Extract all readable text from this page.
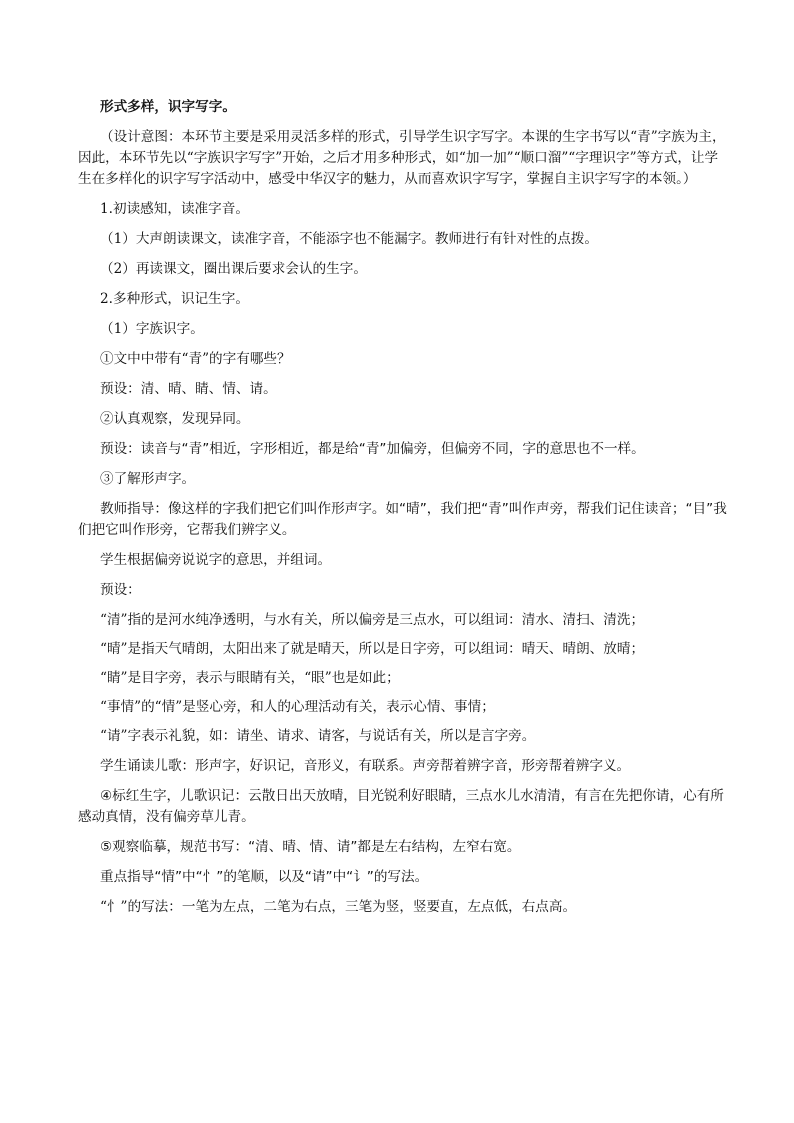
形式多样，识字写字。

（设计意图：本环节主要是采用灵活多样的形式，引导学生识字写字。本课的生字书写以“青”字族为主，因此，本环节先以“字族识字写字”开始，之后才用多种形式，如“加一加”“顺口溜”“字理识字”等方式，让学生在多样化的识字写字活动中，感受中华汉字的魅力，从而喜欢识字写字，掌握自主识字写字的本领。）

1.初读感知，读准字音。

（1）大声朗读课文，读准字音，不能添字也不能漏字。教师进行有针对性的点拨。

（2）再读课文，圈出课后要求会认的生字。

2.多种形式，识记生字。

（1）字族识字。

①文中中带有“青”的字有哪些？

预设：清、晴、睛、情、请。

②认真观察，发现异同。

预设：读音与“青”相近，字形相近，都是给“青”加偏旁，但偏旁不同，字的意思也不一样。

③了解形声字。

教师指导：像这样的字我们把它们叫作形声字。如“晴”，我们把“青”叫作声旁，帮我们记住读音；“目”我们把它叫作形旁，它帮我们辨字义。

学生根据偏旁说说字的意思，并组词。

预设：

“清”指的是河水纯净透明，与水有关，所以偏旁是三点水，可以组词：清水、清扫、清洗；

“晴”是指天气晴朗，太阳出来了就是晴天，所以是日字旁，可以组词：晴天、晴朗、放晴；

“睛”是目字旁，表示与眼睛有关，“眼”也是如此；

“事情”的“情”是竖心旁，和人的心理活动有关，表示心情、事情；

“请”字表示礼貌，如：请坐、请求、请客，与说话有关，所以是言字旁。

学生诵读儿歌：形声字，好识记，音形义，有联系。声旁帮着辨字音，形旁帮着辨字义。

④标红生字，儿歌识记：云散日出天放晴，目光锐利好眼睛，三点水儿水清清，有言在先把你请，心有所感动真情，没有偏旁草儿青。

⑤观察临摹，规范书写：“清、晴、情、请”都是左右结构，左窄右宽。

重点指导“情”中“忄”的笔顺，以及“请”中“讠”的写法。

“忄”的写法：一笔为左点，二笔为右点，三笔为竖，竖要直，左点低，右点高。
